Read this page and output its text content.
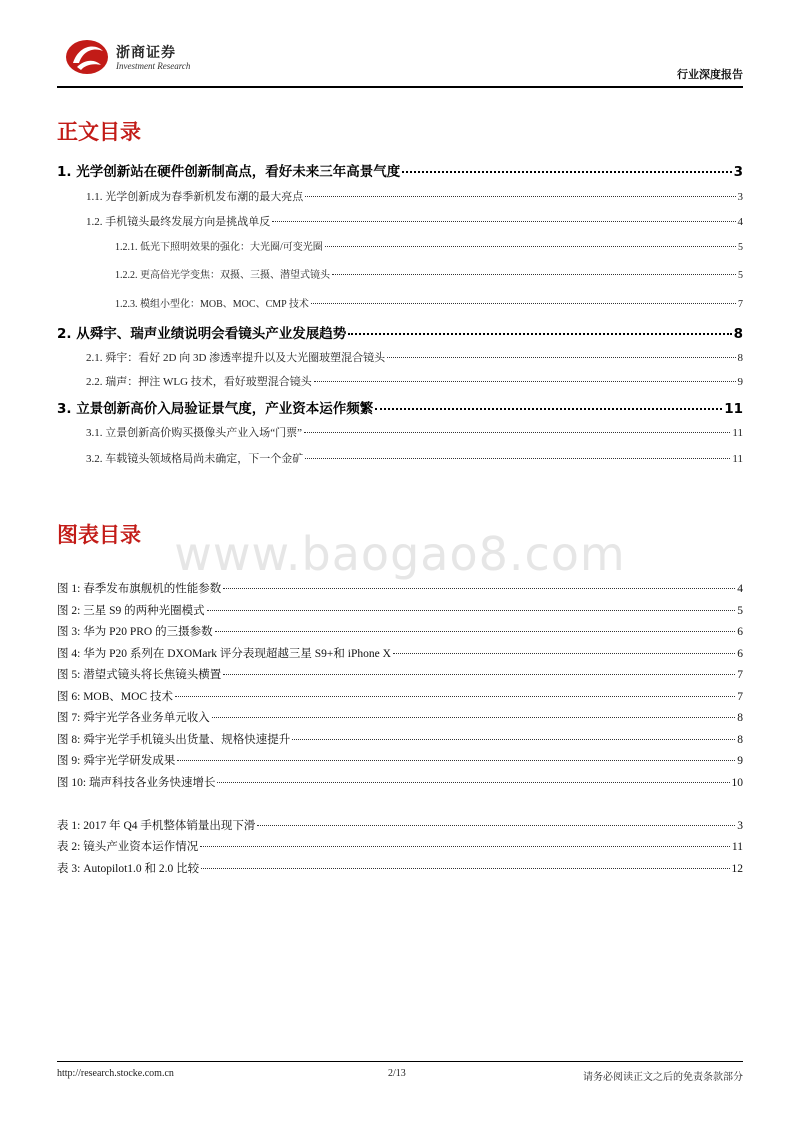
浙商证券
Investment Research
行业深度报告
正文目录
1. 光学创新站在硬件创新制高点，看好未来三年高景气度	3
1.1. 光学创新成为春季新机发布潮的最大亮点	3
1.2. 手机镜头最终发展方向是挑战单反	4
1.2.1. 低光下照明效果的强化：大光圈/可变光圈	5
1.2.2. 更高倍光学变焦：双摄、三摄、潜望式镜头	5
1.2.3. 模组小型化：MOB、MOC、CMP 技术	7
2. 从舜宇、瑞声业绩说明会看镜头产业发展趋势	8
2.1. 舜宇：看好 2D 向 3D 渗透率提升以及大光圈玻塑混合镜头	8
2.2. 瑞声：押注 WLG 技术，看好玻塑混合镜头	9
3. 立景创新高价入局验证景气度，产业资本运作频繁	11
3.1. 立景创新高价购买摄像头产业入场“门票”	11
3.2. 车载镜头领域格局尚未确定，下一个金矿	11
图表目录 www.baogao8.com
图 1: 春季发布旗舰机的性能参数	4
图 2: 三星 S9 的两种光圈模式	5
图 3: 华为 P20 PRO 的三摄参数	6
图 4: 华为 P20 系列在 DXOMark 评分表现超越三星 S9+和 iPhone X	6
图 5: 潜望式镜头将长焦镜头横置	7
图 6: MOB、MOC 技术	7
图 7: 舜宇光学各业务单元收入	8
图 8: 舜宇光学手机镜头出货量、规格快速提升	8
图 9: 舜宇光学研发成果	9
图 10: 瑞声科技各业务快速增长	10
表 1: 2017 年 Q4 手机整体销量出现下滑	3
表 2: 镜头产业资本运作情况	11
表 3: Autopilot1.0 和 2.0 比较	12
http://research.stocke.com.cn	2/13	请务必阅读正文之后的免责条款部分
